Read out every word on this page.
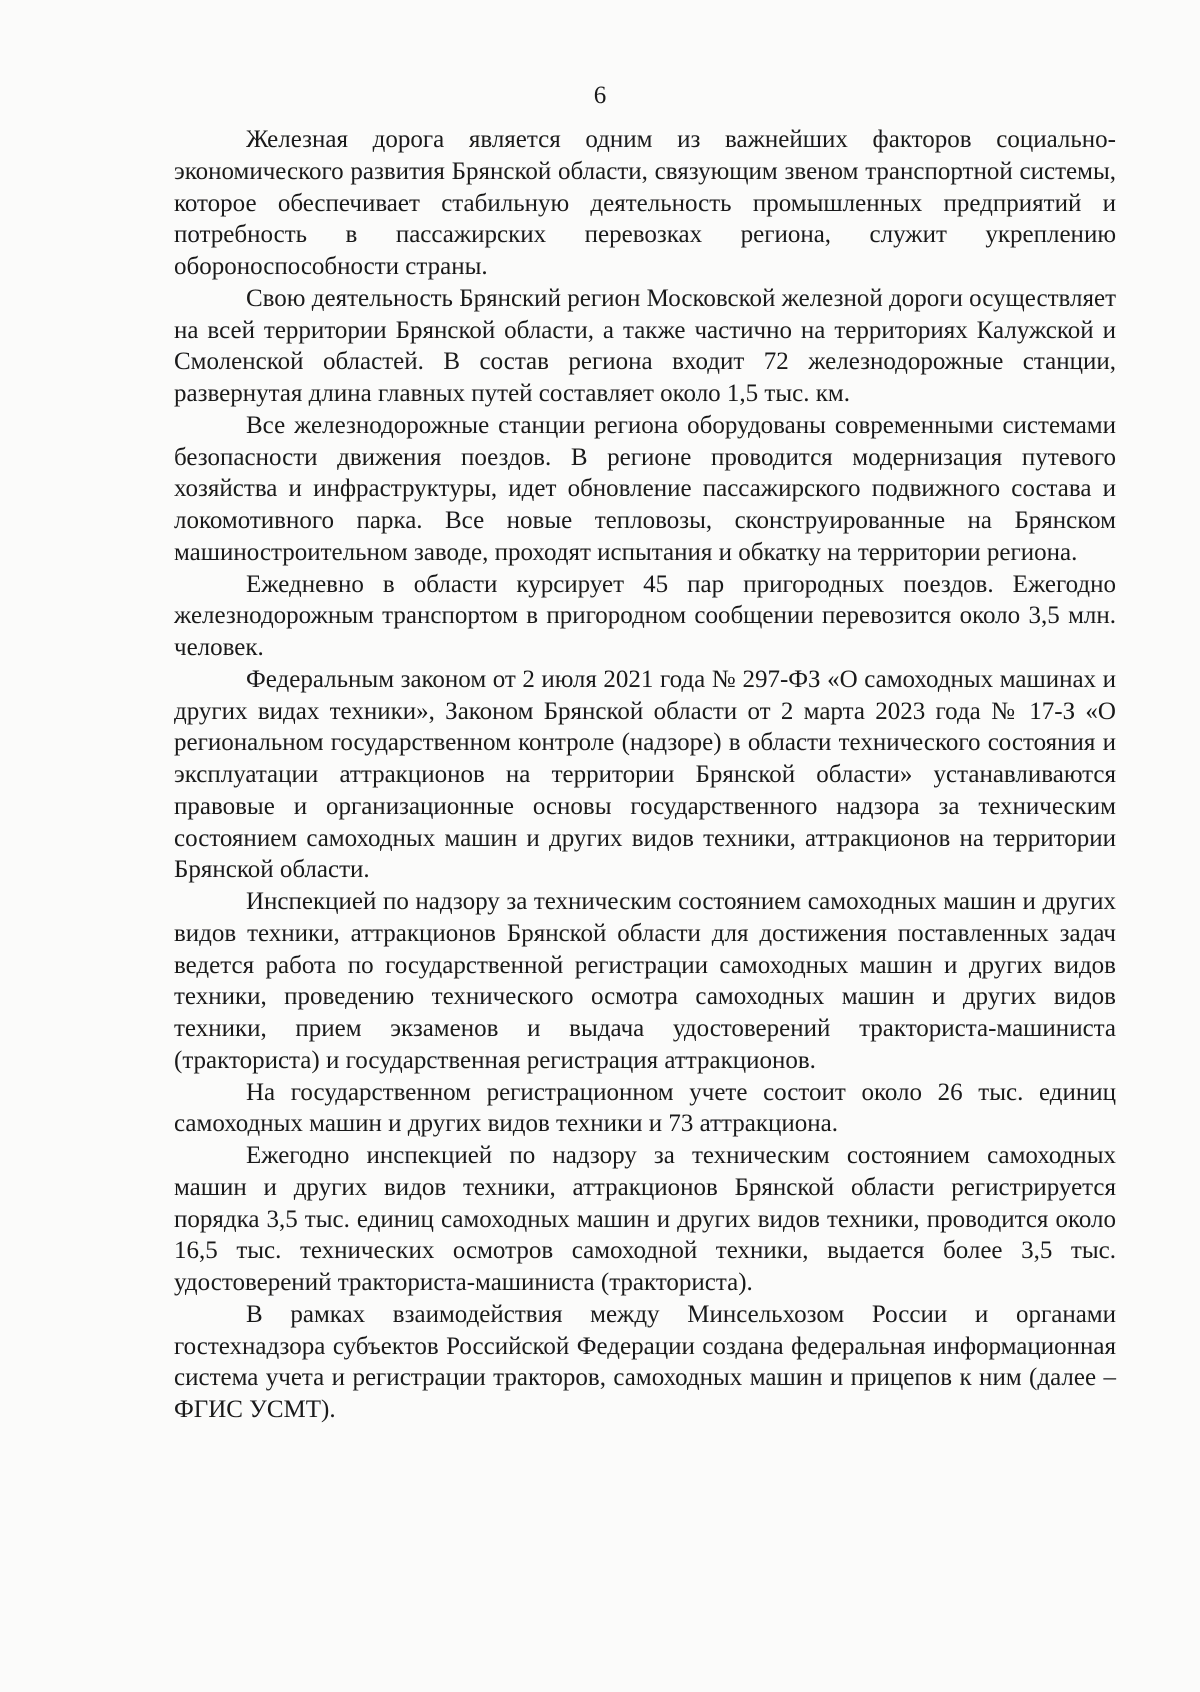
6

Железная дорога является одним из важнейших факторов социально-экономического развития Брянской области, связующим звеном транспортной системы, которое обеспечивает стабильную деятельность промышленных предприятий и потребность в пассажирских перевозках региона, служит укреплению обороноспособности страны.

Свою деятельность Брянский регион Московской железной дороги осуществляет на всей территории Брянской области, а также частично на территориях Калужской и Смоленской областей. В состав региона входит 72 железнодорожные станции, развернутая длина главных путей составляет около 1,5 тыс. км.

Все железнодорожные станции региона оборудованы современными системами безопасности движения поездов. В регионе проводится модернизация путевого хозяйства и инфраструктуры, идет обновление пассажирского подвижного состава и локомотивного парка. Все новые тепловозы, сконструированные на Брянском машиностроительном заводе, проходят испытания и обкатку на территории региона.

Ежедневно в области курсирует 45 пар пригородных поездов. Ежегодно железнодорожным транспортом в пригородном сообщении перевозится около 3,5 млн. человек.

Федеральным законом от 2 июля 2021 года № 297-ФЗ «О самоходных машинах и других видах техники», Законом Брянской области от 2 марта 2023 года № 17-З «О региональном государственном контроле (надзоре) в области технического состояния и эксплуатации аттракционов на территории Брянской области» устанавливаются правовые и организационные основы государственного надзора за техническим состоянием самоходных машин и других видов техники, аттракционов на территории Брянской области.

Инспекцией по надзору за техническим состоянием самоходных машин и других видов техники, аттракционов Брянской области для достижения поставленных задач ведется работа по государственной регистрации самоходных машин и других видов техники, проведению технического осмотра самоходных машин и других видов техники, прием экзаменов и выдача удостоверений тракториста-машиниста (тракториста) и государственная регистрация аттракционов.

На государственном регистрационном учете состоит около 26 тыс. единиц самоходных машин и других видов техники и 73 аттракциона.

Ежегодно инспекцией по надзору за техническим состоянием самоходных машин и других видов техники, аттракционов Брянской области регистрируется порядка 3,5 тыс. единиц самоходных машин и других видов техники, проводится около 16,5 тыс. технических осмотров самоходной техники, выдается более 3,5 тыс. удостоверений тракториста-машиниста (тракториста).

В рамках взаимодействия между Минсельхозом России и органами гостехнадзора субъектов Российской Федерации создана федеральная информационная система учета и регистрации тракторов, самоходных машин и прицепов к ним (далее – ФГИС УСМТ).
